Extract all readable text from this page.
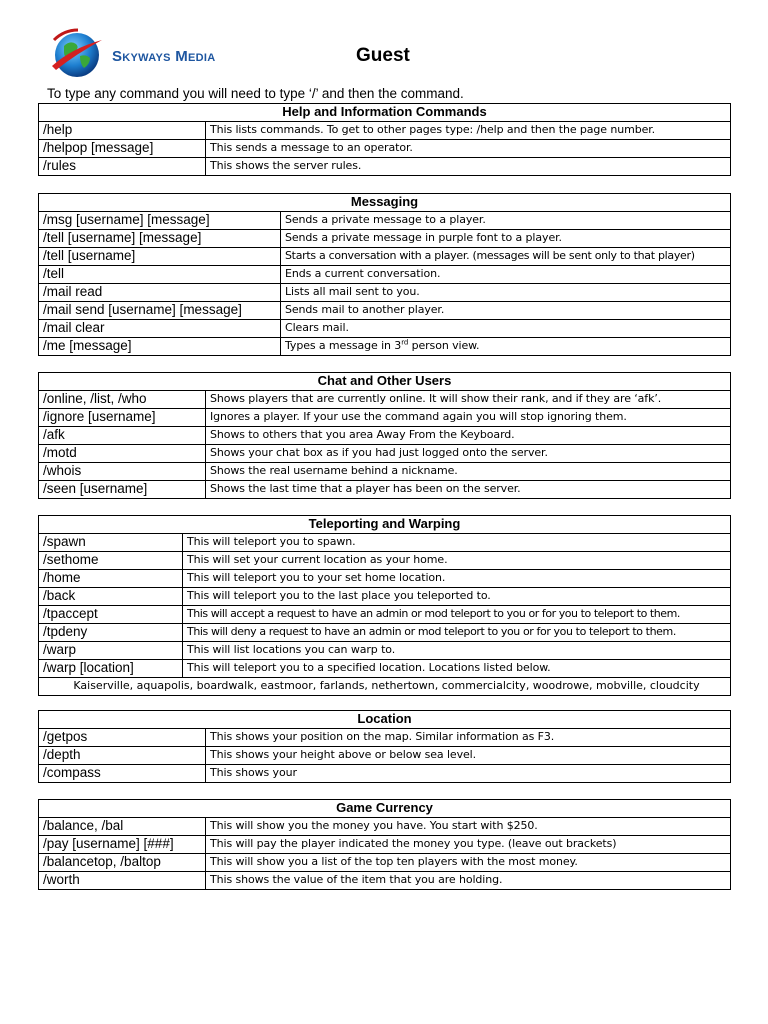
Skyways Media	Guest
To type any command you will need to type ‘/’ and then the command.
Help and Information Commands	
/help	This lists commands. To get to other pages type: /help and then the page number.
/helpop [message]	This sends a message to an operator.
/rules	This shows the server rules.
Messaging	
/msg [username] [message]	Sends a private message to a player.
/tell [username] [message]	Sends a private message in purple font to a player.
/tell [username]	Starts a conversation with a player. (messages will be sent only to that player)
/tell	Ends a current conversation.
/mail read	Lists all mail sent to you.
/mail send [username] [message]	Sends mail to another player.
/mail clear	Clears mail.
/me [message]	Types a message in 3rd person view.
Chat and Other Users	
/online, /list, /who	Shows players that are currently online. It will show their rank, and if they are ‘afk’.
/ignore [username]	Ignores a player. If your use the command again you will stop ignoring them.
/afk	Shows to others that you area Away From the Keyboard.
/motd	Shows your chat box as if you had just logged onto the server.
/whois	Shows the real username behind a nickname.
/seen [username]	Shows the last time that a player has been on the server.
Teleporting and Warping	
/spawn	This will teleport you to spawn.
/sethome	This will set your current location as your home.
/home	This will teleport you to your set home location.
/back	This will teleport you to the last place you teleported to.
/tpaccept	This will accept a request to have an admin or mod teleport to you or for you to teleport to them.
/tpdeny	This will deny a request to have an admin or mod teleport to you or for you to teleport to them.
/warp	This will list locations you can warp to.
/warp [location]	This will teleport you to a specified location. Locations listed below.
Kaiserville, aquapolis, boardwalk, eastmoor, farlands, nethertown, commercialcity, woodrowe, mobville, cloudcity	
Location	
/getpos	This shows your position on the map. Similar information as F3.
/depth	This shows your height above or below sea level.
/compass	This shows your
Game Currency	
/balance, /bal	This will show you the money you have. You start with $250.
/pay [username] [###]	This will pay the player indicated the money you type. (leave out brackets)
/balancetop, /baltop	This will show you a list of the top ten players with the most money.
/worth	This shows the value of the item that you are holding.
